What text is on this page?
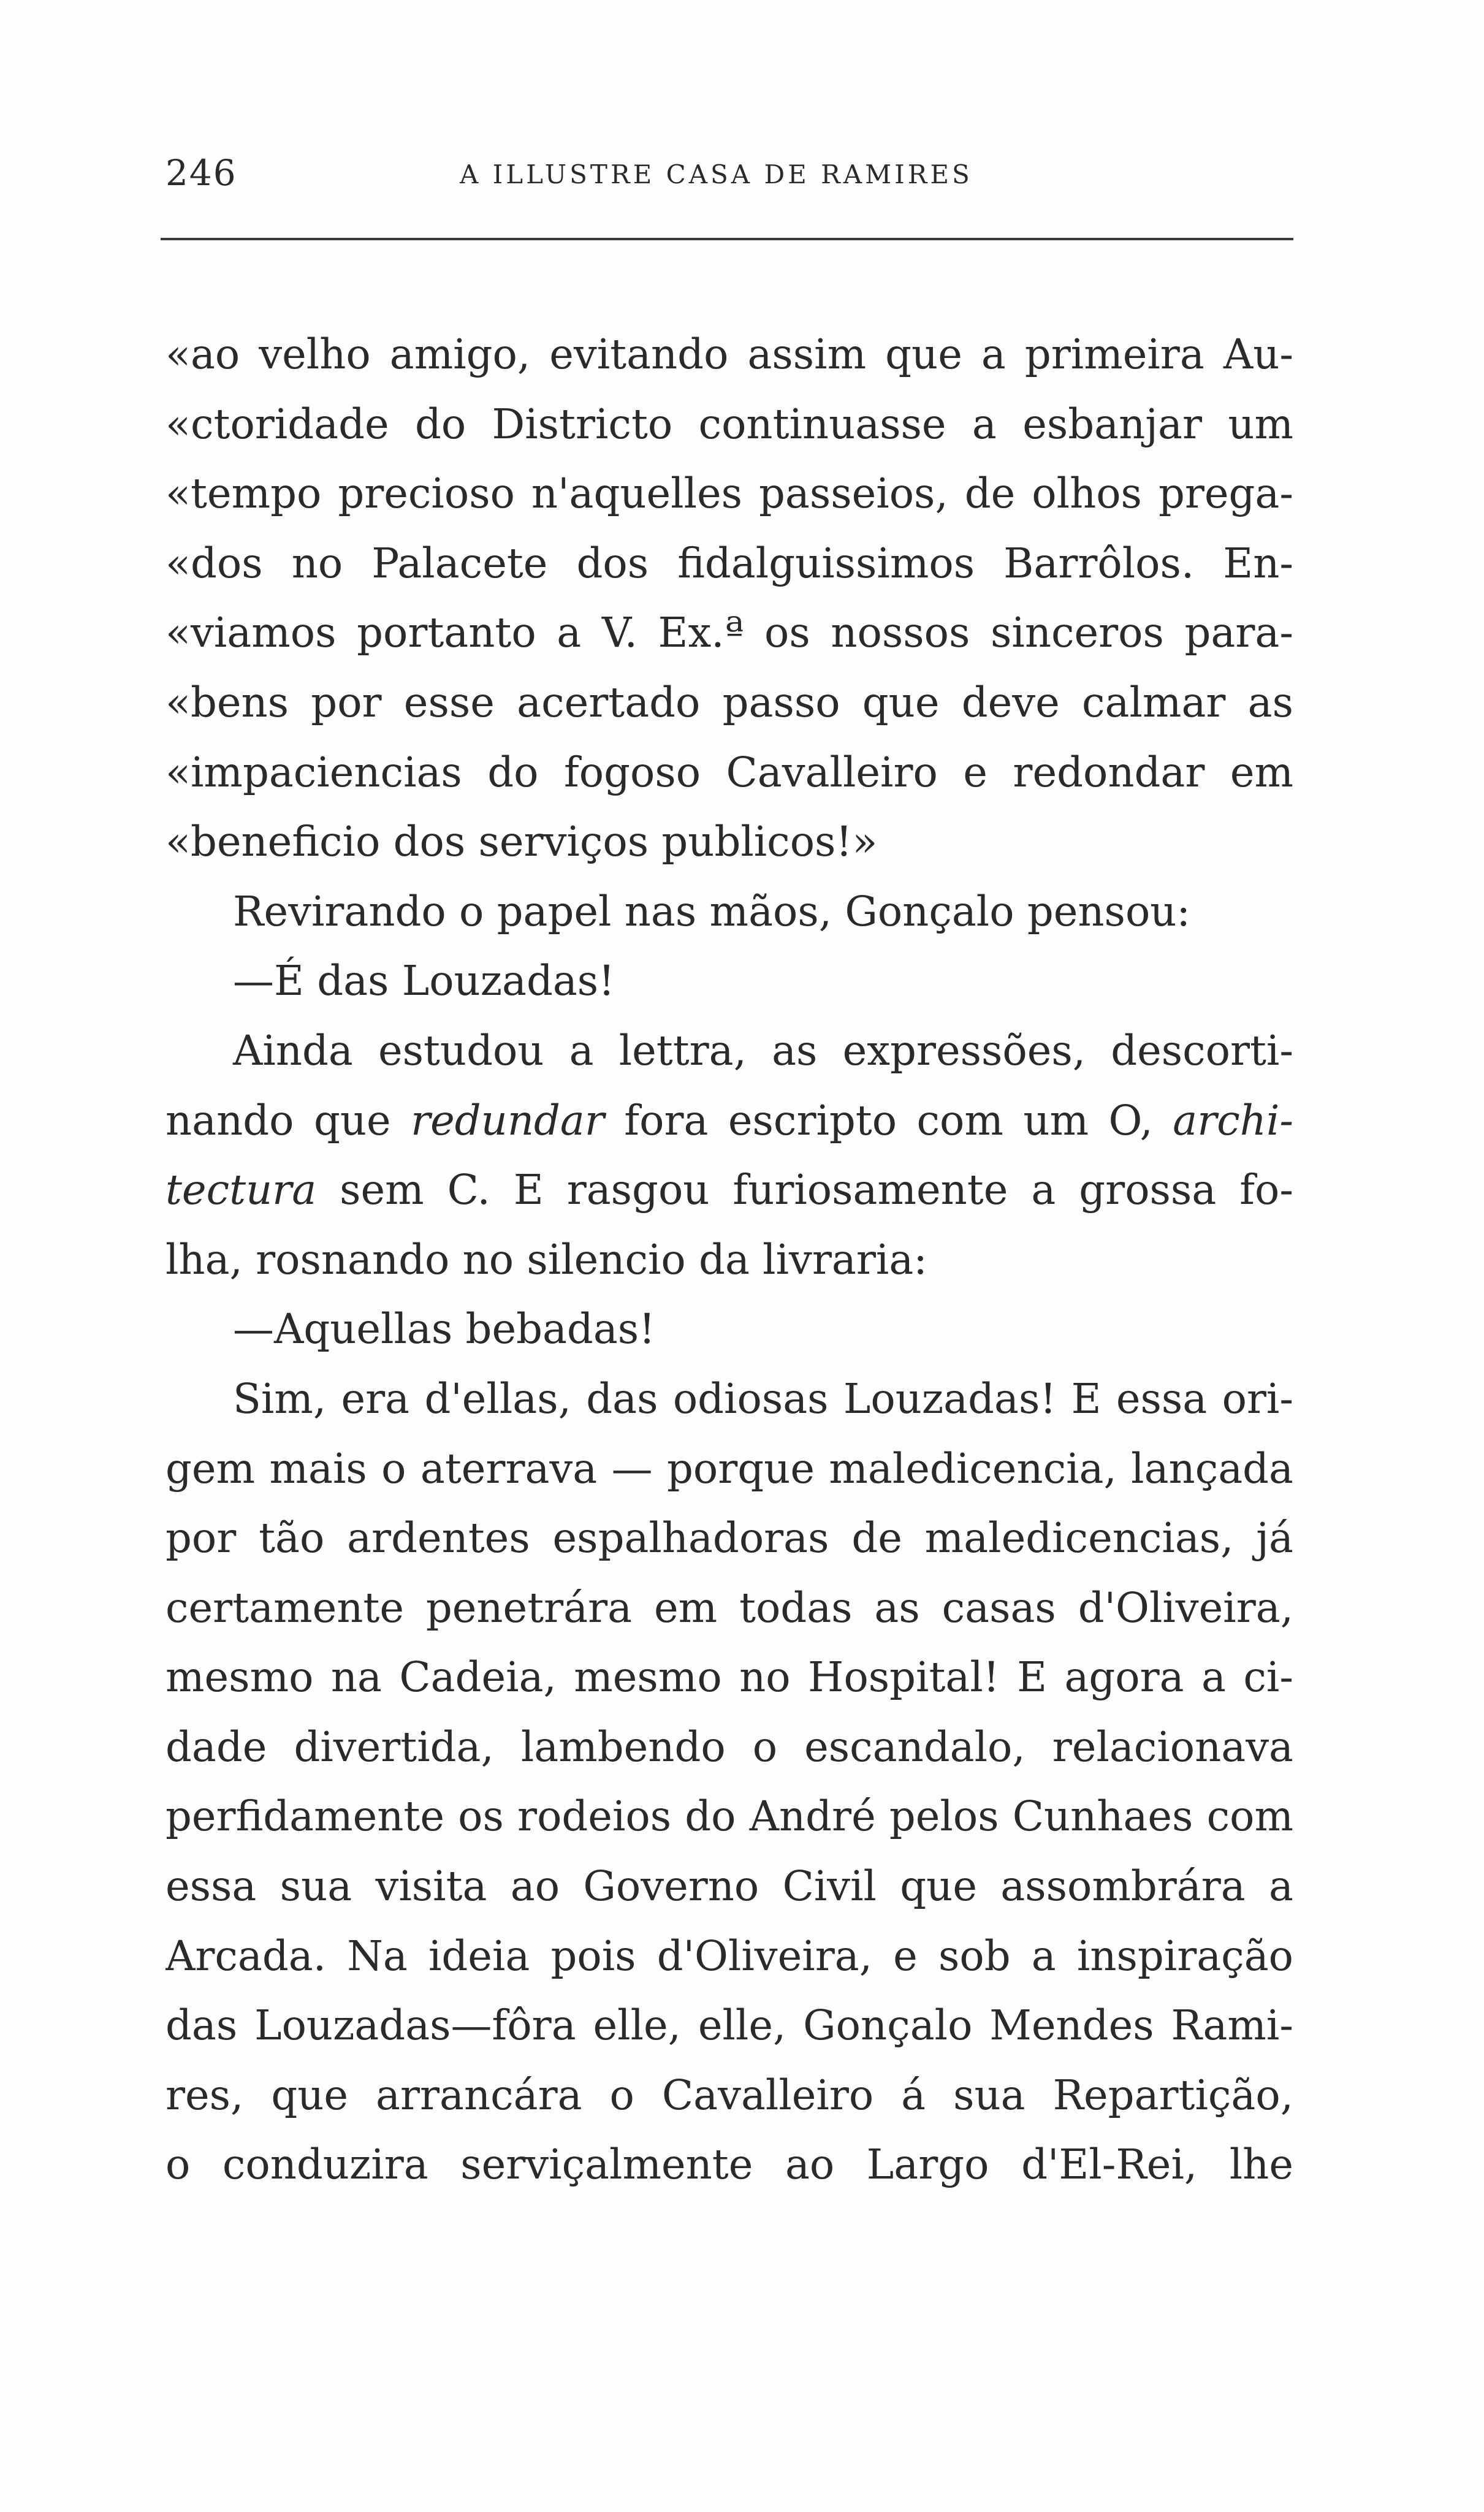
246	A ILLUSTRE CASA DE RAMIRES
«ao velho amigo, evitando assim que a primeira Au-
«ctoridade do Districto continuasse a esbanjar um
«tempo precioso n'aquelles passeios, de olhos prega-
«dos no Palacete dos fidalguissimos Barrôlos. En-
«viamos portanto a V. Ex.ª os nossos sinceros para-
«bens por esse acertado passo que deve calmar as
«impaciencias do fogoso Cavalleiro e redondar em
«beneficio dos serviços publicos!»
Revirando o papel nas mãos, Gonçalo pensou:
—É das Louzadas!
Ainda estudou a lettra, as expressões, descorti-
nando que redundar fora escripto com um O, archi-
tectura sem C. E rasgou furiosamente a grossa fo-
lha, rosnando no silencio da livraria:
—Aquellas bebadas!
Sim, era d'ellas, das odiosas Louzadas! E essa ori-
gem mais o aterrava — porque maledicencia, lançada
por tão ardentes espalhadoras de maledicencias, já
certamente penetrára em todas as casas d'Oliveira,
mesmo na Cadeia, mesmo no Hospital! E agora a ci-
dade divertida, lambendo o escandalo, relacionava
perfidamente os rodeios do André pelos Cunhaes com
essa sua visita ao Governo Civil que assombrára a
Arcada. Na ideia pois d'Oliveira, e sob a inspiração
das Louzadas—fôra elle, elle, Gonçalo Mendes Rami-
res, que arrancára o Cavalleiro á sua Repartição,
o conduzira serviçalmente ao Largo d'El-Rei, lhe
